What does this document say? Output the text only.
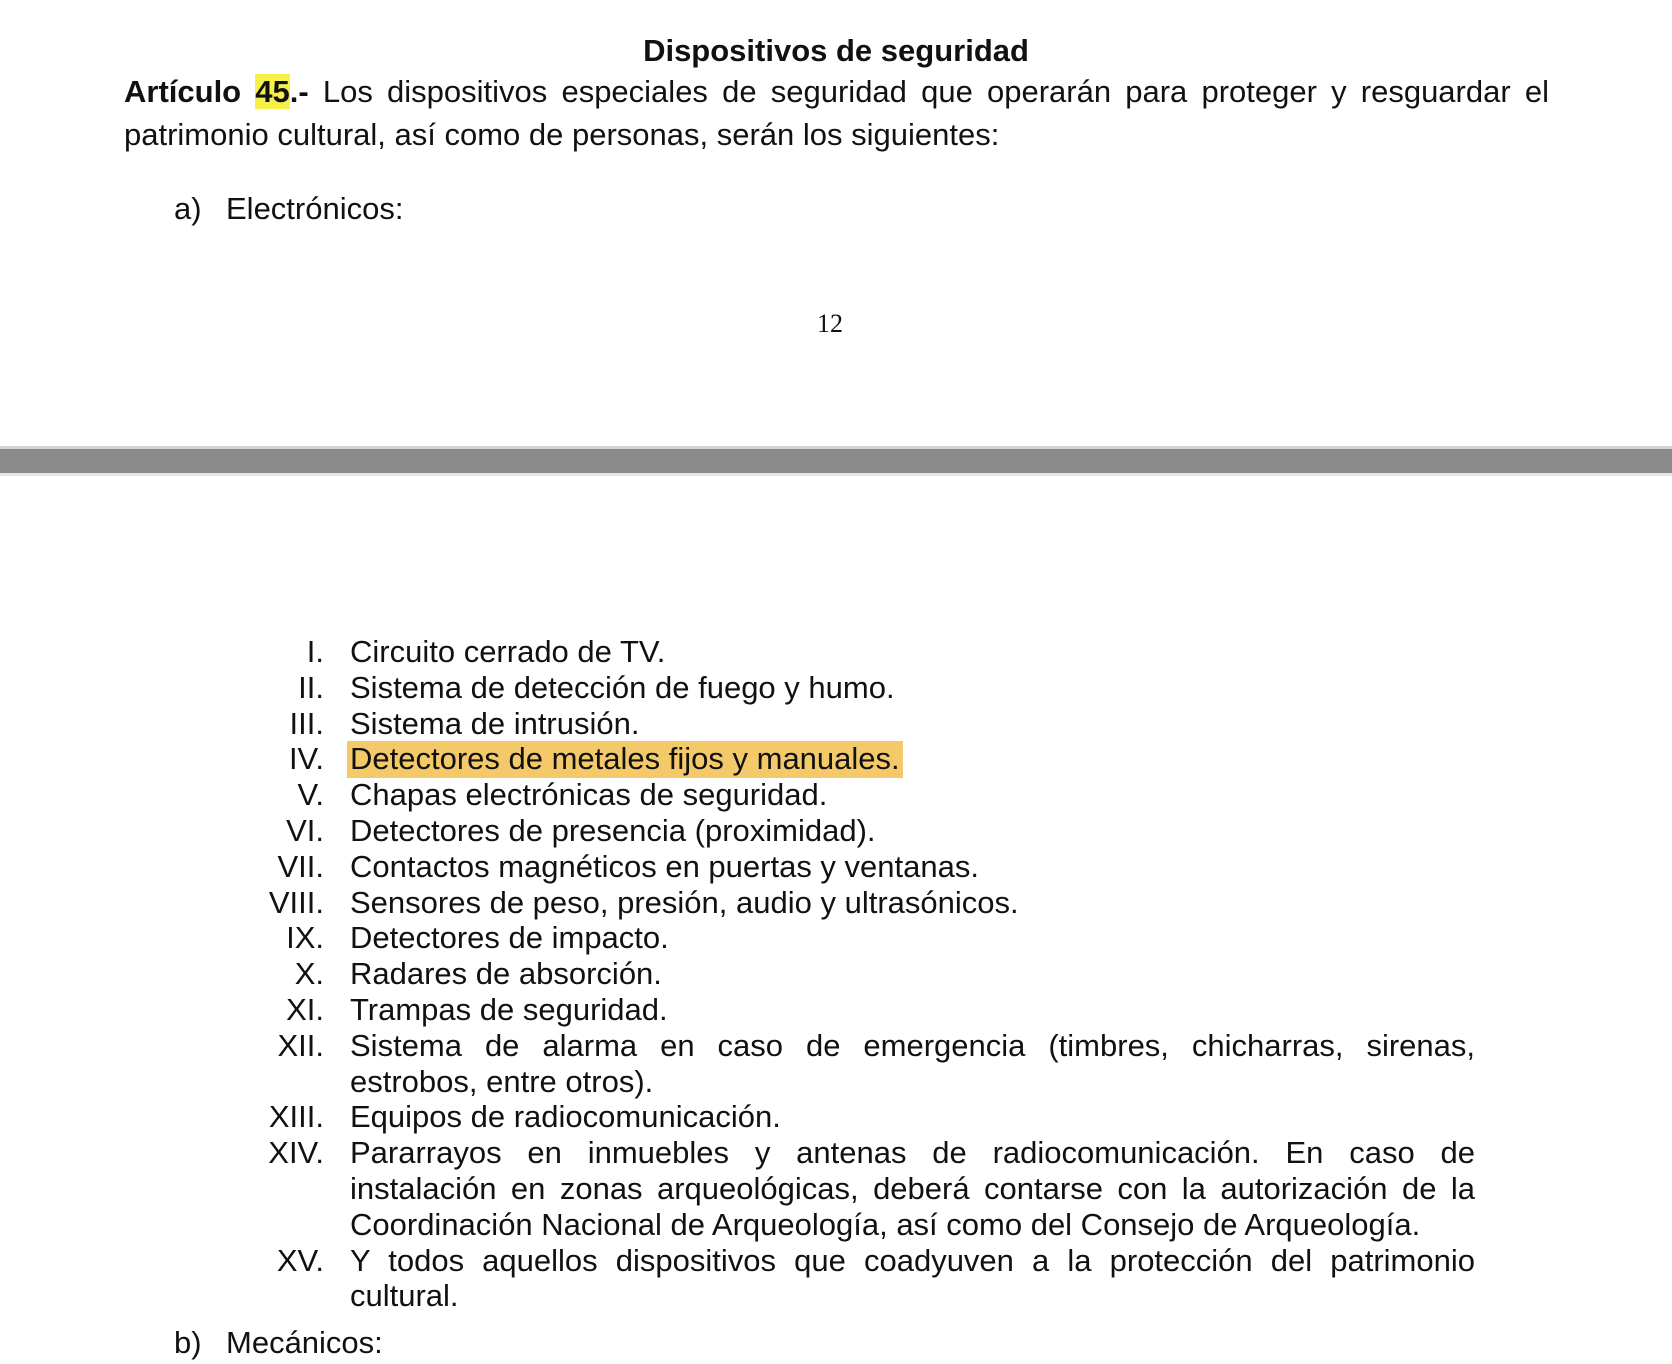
Dispositivos de seguridad
Artículo 45.- Los dispositivos especiales de seguridad que operarán para proteger y resguardar el patrimonio cultural, así como de personas, serán los siguientes:
a) Electrónicos:
12
I. Circuito cerrado de TV.
II. Sistema de detección de fuego y humo.
III. Sistema de intrusión.
IV. Detectores de metales fijos y manuales.
V. Chapas electrónicas de seguridad.
VI. Detectores de presencia (proximidad).
VII. Contactos magnéticos en puertas y ventanas.
VIII. Sensores de peso, presión, audio y ultrasónicos.
IX. Detectores de impacto.
X. Radares de absorción.
XI. Trampas de seguridad.
XII. Sistema de alarma en caso de emergencia (timbres, chicharras, sirenas, estrobos, entre otros).
XIII. Equipos de radiocomunicación.
XIV. Pararrayos en inmuebles y antenas de radiocomunicación. En caso de instalación en zonas arqueológicas, deberá contarse con la autorización de la Coordinación Nacional de Arqueología, así como del Consejo de Arqueología.
XV. Y todos aquellos dispositivos que coadyuven a la protección del patrimonio cultural.
b) Mecánicos:
